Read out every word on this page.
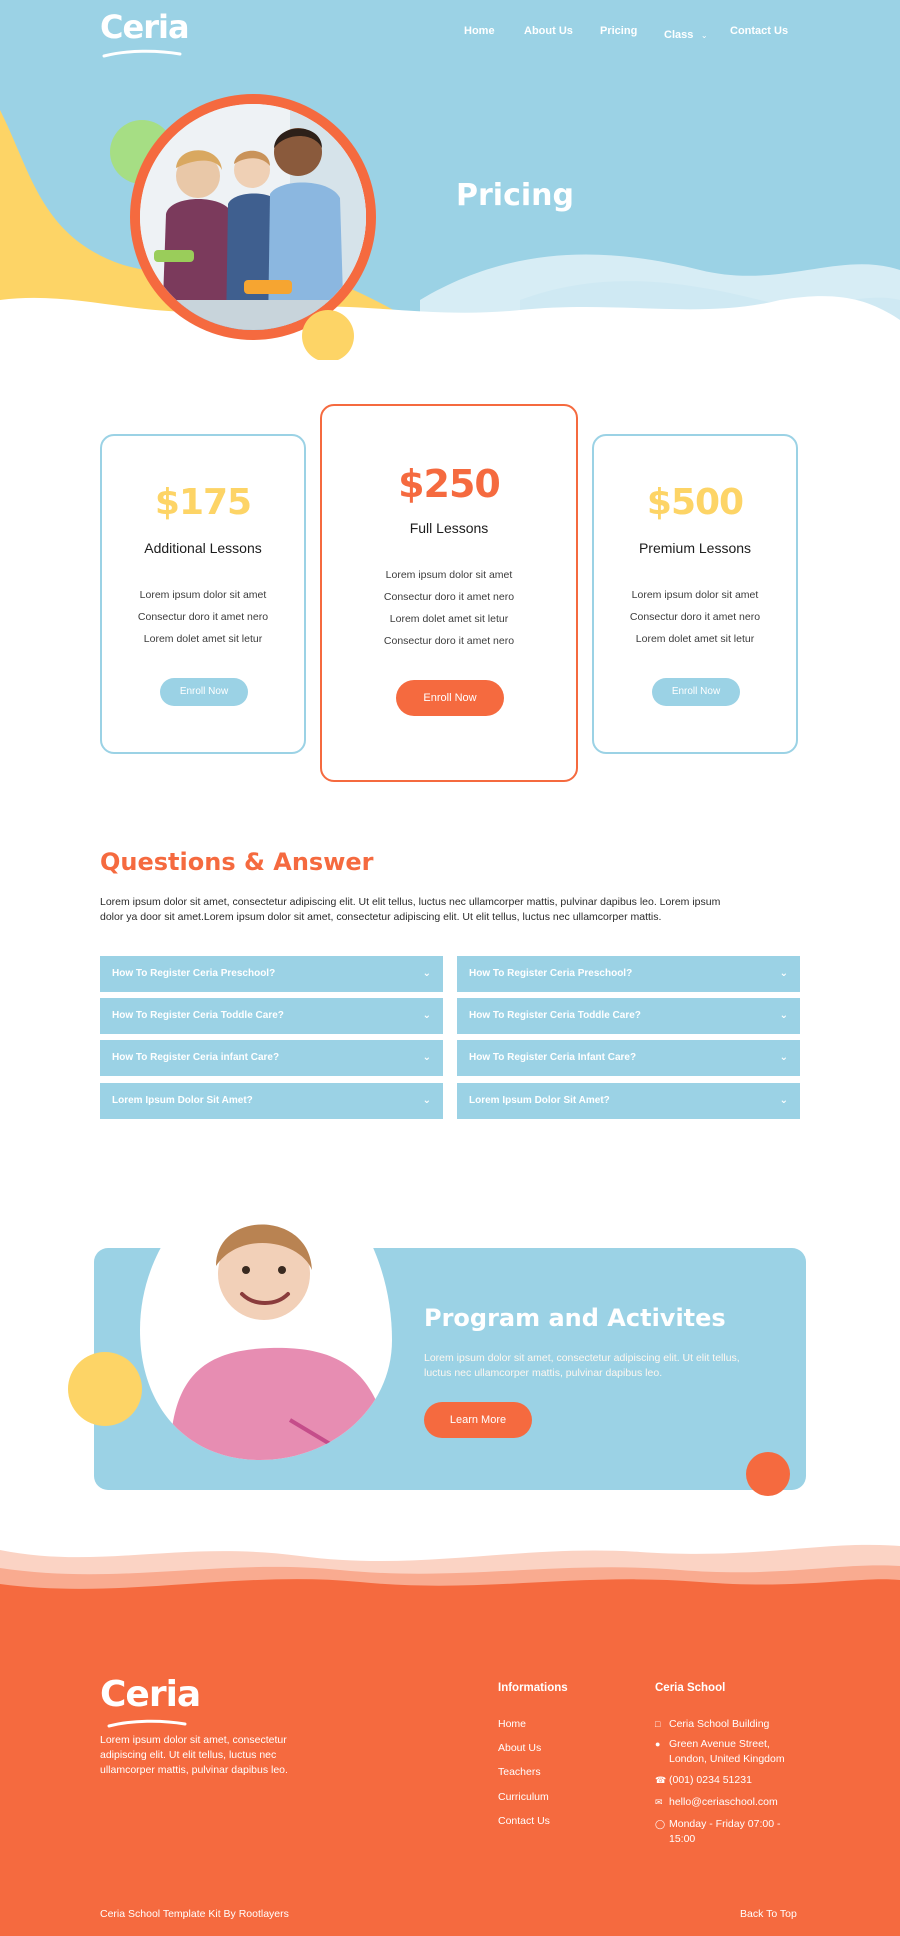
Ceria	Home	About Us Pricing Class ⌄ Contact Us
Pricing
$175
Additional Lessons
Lorem ipsum dolor sit amet
Consectur doro it amet nero
Lorem dolet amet sit letur
Enroll Now
$250
Full Lessons
Lorem ipsum dolor sit amet
Consectur doro it amet nero
Lorem dolet amet sit letur
Consectur doro it amet nero
Enroll Now
$500
Premium Lessons
Lorem ipsum dolor sit amet
Consectur doro it amet nero
Lorem dolet amet sit letur
Enroll Now
Questions & Answer

Lorem ipsum dolor sit amet, consectetur adipiscing elit. Ut elit tellus, luctus nec ullamcorper mattis, pulvinar dapibus leo. Lorem ipsum

dolor ya door sit amet.Lorem ipsum dolor sit amet, consectetur adipiscing elit. Ut elit tellus, luctus nec ullamcorper mattis.

How To Register Ceria Preschool?	⌄
How To Register Ceria Toddle Care?	⌄
How To Register Ceria infant Care?	⌄
Lorem Ipsum Dolor Sit Amet?	⌄
How To Register Ceria Preschool?	⌄
How To Register Ceria Toddle Care?	⌄
How To Register Ceria Infant Care?	⌄
Lorem Ipsum Dolor Sit Amet?	⌄
Program and Activites

Lorem ipsum dolor sit amet, consectetur adipiscing elit. Ut elit tellus,

luctus nec ullamcorper mattis, pulvinar dapibus leo.

Learn More
Ceria

Lorem ipsum dolor sit amet, consectetur

adipiscing elit. Ut elit tellus, luctus nec

ullamcorper mattis, pulvinar dapibus leo.

Informations
Home
About Us
Teachers
Curriculum
Contact Us
Ceria School
□ Ceria School Building
● Green Avenue Street,
London, United Kingdom
☎ (001) 0234 51231
✉ hello@ceriaschool.com
◯ Monday - Friday 07:00 -
15:00
Ceria School Template Kit By Rootlayers	Back To Top
